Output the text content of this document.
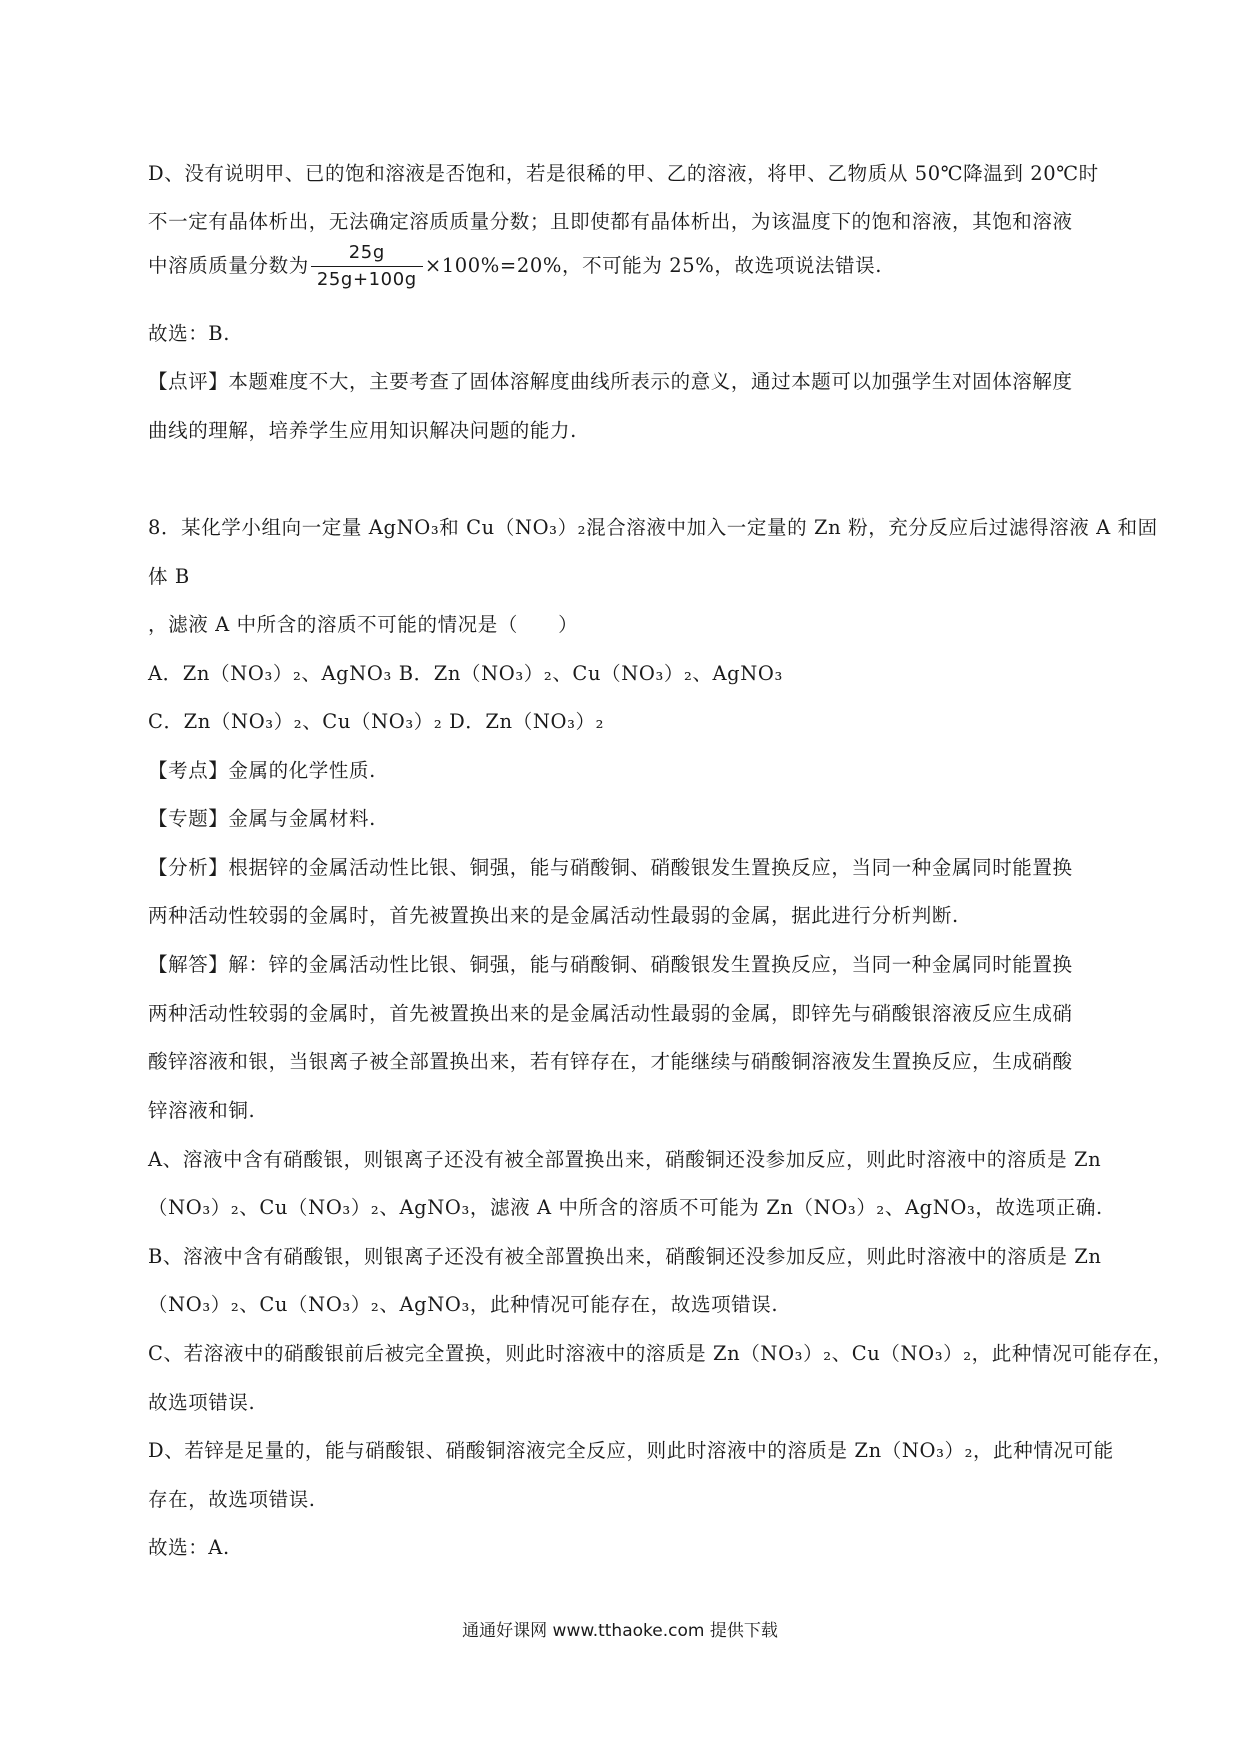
D、没有说明甲、已的饱和溶液是否饱和，若是很稀的甲、乙的溶液，将甲、乙物质从 50℃降温到 20℃时
不一定有晶体析出，无法确定溶质质量分数；且即使都有晶体析出，为该温度下的饱和溶液，其饱和溶液
中溶质质量分数为 $\frac{25g}{25g+100g} \times 100\%=20\%$，不可能为 25%，故选项说法错误.
故选：B.
【点评】本题难度不大，主要考查了固体溶解度曲线所表示的意义，通过本题可以加强学生对固体溶解度
曲线的理解，培养学生应用知识解决问题的能力.
8．某化学小组向一定量 AgNO₃和 Cu（NO₃）₂混合溶液中加入一定量的 Zn 粉，充分反应后过滤得溶液 A 和固
体 B
，滤液 A 中所含的溶质不可能的情况是（　　）
A．Zn（NO₃）₂、AgNO₃ B．Zn（NO₃）₂、Cu（NO₃）₂、AgNO₃
C．Zn（NO₃）₂、Cu（NO₃）₂ D．Zn（NO₃）₂
【考点】金属的化学性质.
【专题】金属与金属材料.
【分析】根据锌的金属活动性比银、铜强，能与硝酸铜、硝酸银发生置换反应，当同一种金属同时能置换
两种活动性较弱的金属时，首先被置换出来的是金属活动性最弱的金属，据此进行分析判断.
【解答】解：锌的金属活动性比银、铜强，能与硝酸铜、硝酸银发生置换反应，当同一种金属同时能置换
两种活动性较弱的金属时，首先被置换出来的是金属活动性最弱的金属，即锌先与硝酸银溶液反应生成硝
酸锌溶液和银，当银离子被全部置换出来，若有锌存在，才能继续与硝酸铜溶液发生置换反应，生成硝酸
锌溶液和铜.
A、溶液中含有硝酸银，则银离子还没有被全部置换出来，硝酸铜还没参加反应，则此时溶液中的溶质是 Zn
（NO₃）₂、Cu（NO₃）₂、AgNO₃，滤液 A 中所含的溶质不可能为 Zn（NO₃）₂、AgNO₃，故选项正确.
B、溶液中含有硝酸银，则银离子还没有被全部置换出来，硝酸铜还没参加反应，则此时溶液中的溶质是 Zn
（NO₃）₂、Cu（NO₃）₂、AgNO₃，此种情况可能存在，故选项错误.
C、若溶液中的硝酸银前后被完全置换，则此时溶液中的溶质是 Zn（NO₃）₂、Cu（NO₃）₂，此种情况可能存在，
故选项错误.
D、若锌是足量的，能与硝酸银、硝酸铜溶液完全反应，则此时溶液中的溶质是 Zn（NO₃）₂，此种情况可能
存在，故选项错误.
故选：A.
通通好课网 www.tthaoke.com 提供下载
